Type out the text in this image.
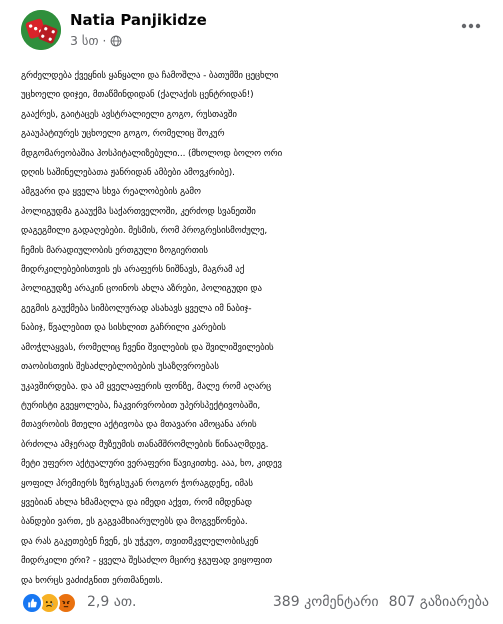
Natia Panjikidze
3 სთ ·
გრძელდება ქვეყნის ყანყალი და ჩამოშლა - ბათუმში ცეცხლი
უცხოელი დიჯეი, მთაწმინდიდან (ქალაქის ცენტრიდან!)
გააქრეს, გაიტაცეს ავსტრალიელი გოგო, რუსთავში
გააუპატიურეს უცხოელი გოგო, რომელიც შოკურ
მდგომარეობაშია ჰოსპიტალიზებული... (მხოლოდ ბოლო ორი
დღის საშინელებათა ჟანრიდან ამბები ამოვკრიბე).
ამგვარი და ყველა სხვა რეალობების გამო
პოლიგუდმა გააუქმა საქართველოში, კერძოდ სვანეთში
დაგეგმილი გადაღებები. მესმის, რომ პროგრესისმოძულე,
ჩემის მარადიულობის ერთგული ზოგიერთის
მიდრკილებებისთვის ეს არაფერს ნიშნავს, მაგრამ აქ
პოლიგუდზე არაკინ ცოინოს ახლა აზრები, პოლიგუდი და
გეგმის გაუქმება სიმბოლურად ასახავს ყველა იმ ნაბიჯ-
ნაბიჯ, წვალებით და სისხლით გაჩრილი კარების
ამოჭლაყვას, რომელიც ჩვენი შვილების და შვილიშვილების
თაობისთვის შესაძლებლობების უსაზღვროებას
უკავშირდება. და ამ ყველაფერის ფონზე, მალე რომ აღარც
ტურისტი გვეყოლება, ჩაკვირვრობით უპერსპექტივობაში,
მთავრობის მთელი აქტივობა და მთავარი ამოცანა არის
ბრძოლა ამჯერად მუზეუმის თანამშრომლების წინააღმდეგ.
მეტი უფერო აქტუალური ვერაფერი წავიკითხე. ააა, ხო, კიდევ
ყოფილ პრემიერს ზურგსუკან როგორ ჭორაგდენე, იმას
ყვებიან ახლა ხმამაღლა და იმედი აქვთ, რომ იმდენად
ბანდები ვართ, ეს გაგვამხიარულებს და მოგვეწონება.
და რას გაკეთებენ ჩვენ, ეს უჭკუო, თვითმკვლელობისკენ
მიდრკილი ერი? - ყველა შესაძლო მცირე ჯგუფად ვიყოფით
და ხორცს ვაძიძგნით ერთმანეთს.
2,9 ათ.	389 კომენტარი 807 გაზიარება
